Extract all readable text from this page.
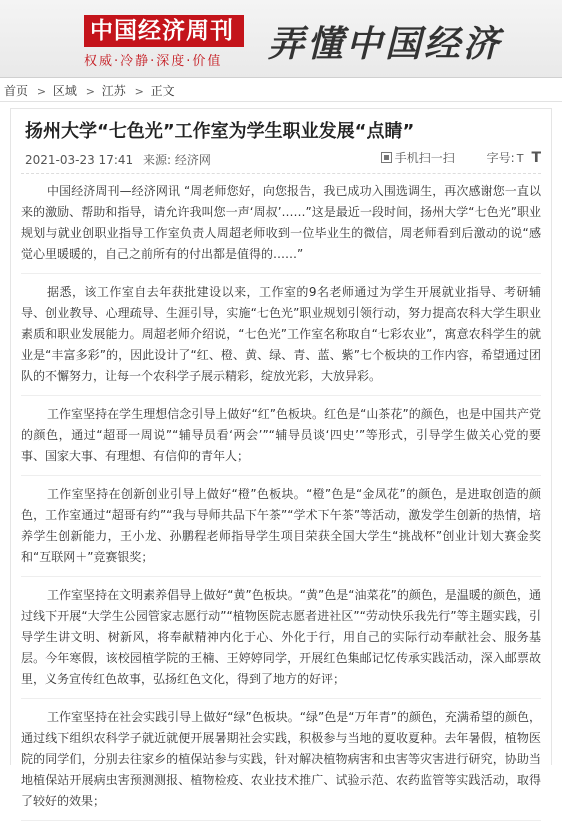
中国经济周刊
权威·冷静·深度·价值	弄懂中国经济
首页 > 区域 > 江苏 > 正文
扬州大学“七色光”工作室为学生职业发展“点睛”
2021-03-23 17:41 来源: 经济网	手机扫一扫	字号: T T

中国经济周刊—经济网讯 “周老师您好，向您报告，我已成功入围选调生，再次感谢您一直以来的激励、帮助和指导，请允许我叫您一声‘周叔’……”这是最近一段时间，扬州大学“七色光”职业规划与就业创职业指导工作室负责人周超老师收到一位毕业生的微信，周老师看到后激动的说“感觉心里暖暖的，自己之前所有的付出都是值得的……”

据悉，该工作室自去年获批建设以来，工作室的9名老师通过为学生开展就业指导、考研辅导、创业教导、心理疏导、生涯引导，实施“七色光”职业规划引领行动，努力提高农科大学生职业素质和职业发展能力。周超老师介绍说，“七色光”工作室名称取自“七彩农业”，寓意农科学生的就业是“丰富多彩”的，因此设计了“红、橙、黄、绿、青、蓝、紫”七个板块的工作内容，希望通过团队的不懈努力，让每一个农科学子展示精彩，绽放光彩，大放异彩。

工作室坚持在学生理想信念引导上做好“红”色板块。红色是“山茶花”的颜色，也是中国共产党的颜色，通过“超哥一周说”“辅导员看‘两会’”“辅导员谈‘四史’”等形式，引导学生做关心党的要事、国家大事、有理想、有信仰的青年人；

工作室坚持在创新创业引导上做好“橙”色板块。“橙”色是“金凤花”的颜色，是进取创造的颜色，工作室通过“超哥有约”“我与导师共品下午茶”“学术下午茶”等活动，激发学生创新的热情，培养学生创新能力，王小龙、孙鹏程老师指导学生项目荣获全国大学生“挑战杯”创业计划大赛金奖和“互联网＋”竞赛银奖；

工作室坚持在文明素养倡导上做好“黄”色板块。“黄”色是“油菜花”的颜色，是温暖的颜色，通过线下开展“大学生公园管家志愿行动”“植物医院志愿者进社区”“劳动快乐我先行”等主题实践，引导学生讲文明、树新风，将奉献精神内化于心、外化于行，用自己的实际行动奉献社会、服务基层。今年寒假，该校园植学院的王楠、王婷婷同学，开展红色集邮记忆传承实践活动，深入邮票故里，义务宣传红色故事，弘扬红色文化，得到了地方的好评；

工作室坚持在社会实践引导上做好“绿”色板块。“绿”色是“万年青”的颜色，充满希望的颜色，通过线下组织农科学子就近就便开展暑期社会实践，积极参与当地的夏收夏种。去年暑假，植物医院的同学们，分别去往家乡的植保站参与实践，针对解决植物病害和虫害等灾害进行研究，协助当地植保站开展病虫害预测测报、植物检疫、农业技术推广、试验示范、农药监管等实践活动，取得了较好的效果；
